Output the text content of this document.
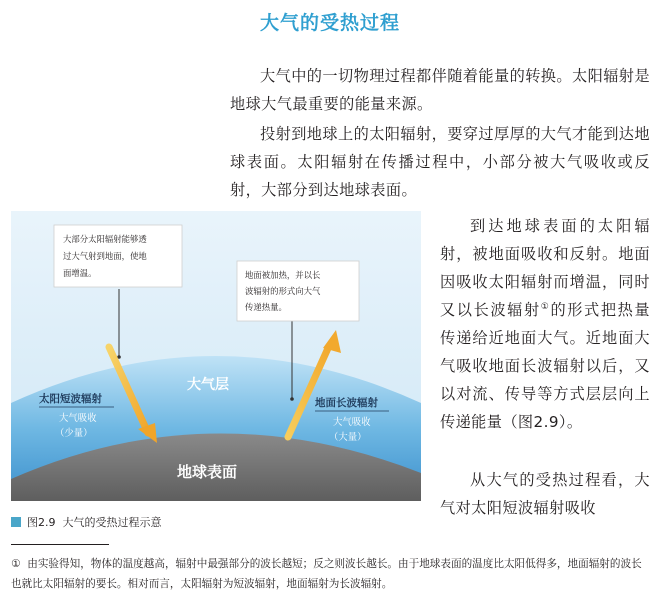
大气的受热过程

大气中的一切物理过程都伴随着能量的转换。太阳辐射是地球大气最重要的能量来源。

投射到地球上的太阳辐射，要穿过厚厚的大气才能到达地球表面。太阳辐射在传播过程中，小部分被大气吸收或反射，大部分到达地球表面。

到达地球表面的太阳辐射，被地面吸收和反射。地面因吸收太阳辐射而增温，同时又以长波辐射①的形式把热量传递给近地面大气。近地面大气吸收地面长波辐射以后，又以对流、传导等方式层层向上传递能量（图2.9）。

从大气的受热过程看，大气对太阳短波辐射吸收

大部分太阳辐射能够透
过大气射到地面，使地
面增温。	地面被加热，并以长
波辐射的形式向大气
传递热量。
大气层
地球表面
太阳短波辐射
大气吸收
（少量）
地面长波辐射
大气吸收
（大量）
图2.9 大气的受热过程示意

① 由实验得知，物体的温度越高，辐射中最强部分的波长越短；反之则波长越长。由于地球表面的温度比太阳低得多，地面辐射的波长也就比太阳辐射的要长。相对而言，太阳辐射为短波辐射，地面辐射为长波辐射。
